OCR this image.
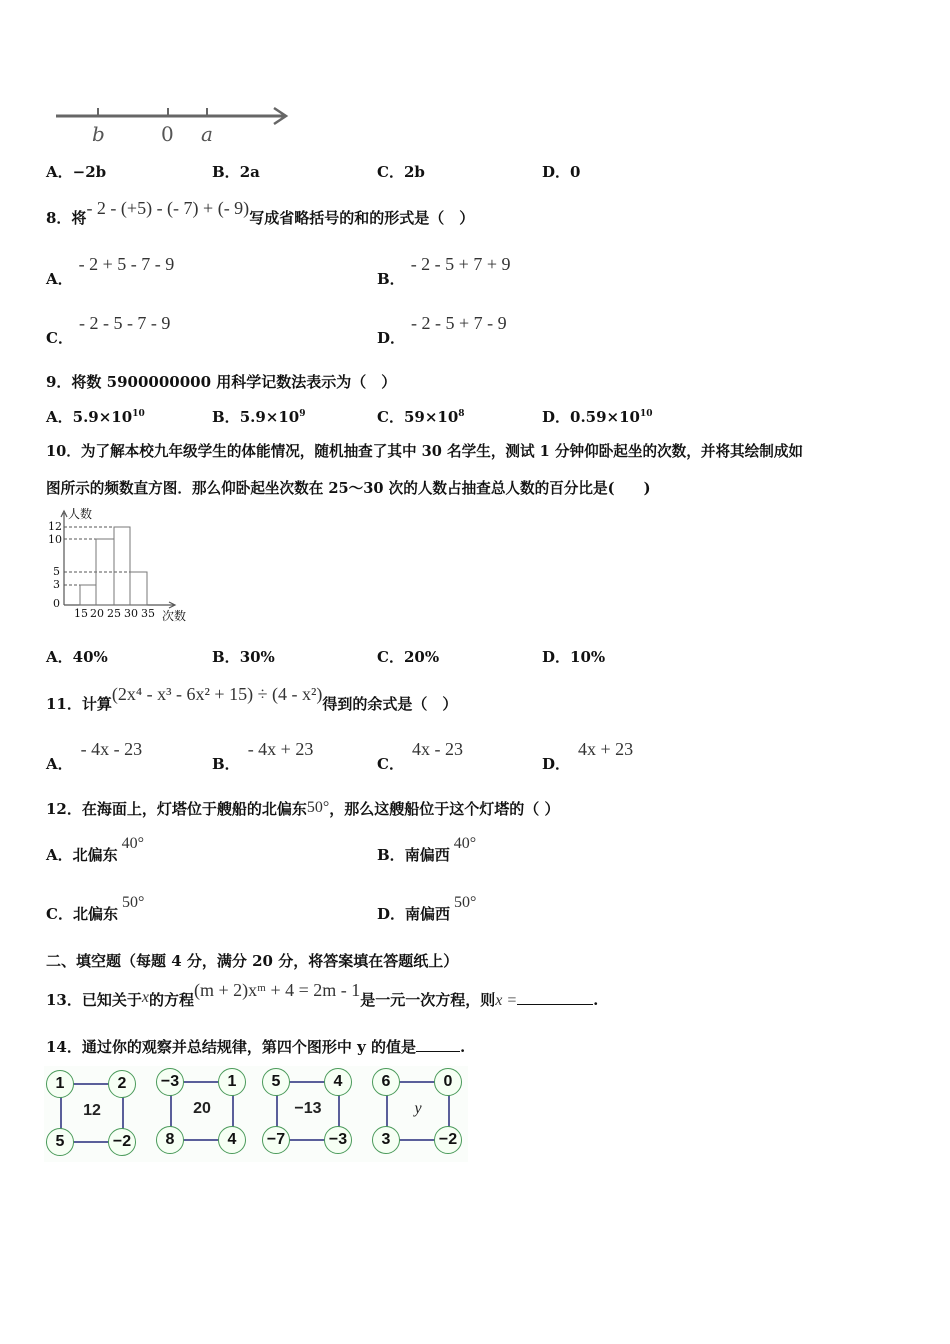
b	0 a
A．−2b	B．2a	C．2b	D．0
8．将- 2 - (+5) - (- 7) + (- 9)写成省略括号的和的形式是（　）
A．- 2 + 5 - 7 - 9
B．- 2 - 5 + 7 + 9
C．- 2 - 5 - 7 - 9
D．- 2 - 5 + 7 - 9
9．将数 5900000000 用科学记数法表示为（　）
A．$5.9\times 10^{10}$	B．$5.9\times 10^9$	C．$59\times 10^8$	D．$0.59\times 10^{10}$
10．为了解本校九年级学生的体能情况，随机抽查了其中 30 名学生，测试 1 分钟仰卧起坐的次数，并将其绘制成如
图所示的频数直方图．那么仰卧起坐次数在 25～30 次的人数占抽查总人数的百分比是(　　)
人数
12
10
5
3
0
15 20 25 30 35 次数
A．40%	B．30%	C．20%	D．10%
11．计算(2x⁴ - x³ - 6x² + 15) ÷ (4 - x²)得到的余式是（　）
A．- 4x - 23
B．- 4x + 23
C．4x - 23
D．4x + 23
12．在海面上，灯塔位于艘船的北偏东50°，那么这艘船位于这个灯塔的（ ）
A．北偏东40°
B．南偏西40°
C．北偏东50°
D．南偏西50°
二、填空题（每题 4 分，满分 20 分，将答案填在答题纸上）
13．已知关于x的方程(m + 2)xᵐ + 4 = 2m - 1是一元一次方程，则x =	.
14．通过你的观察并总结规律，第四个图形中 y 的值是	.
1	2
5	−2
12
−3	1
8	4
20
5	4
−7	−3
−13
6	0
3	−2
y
